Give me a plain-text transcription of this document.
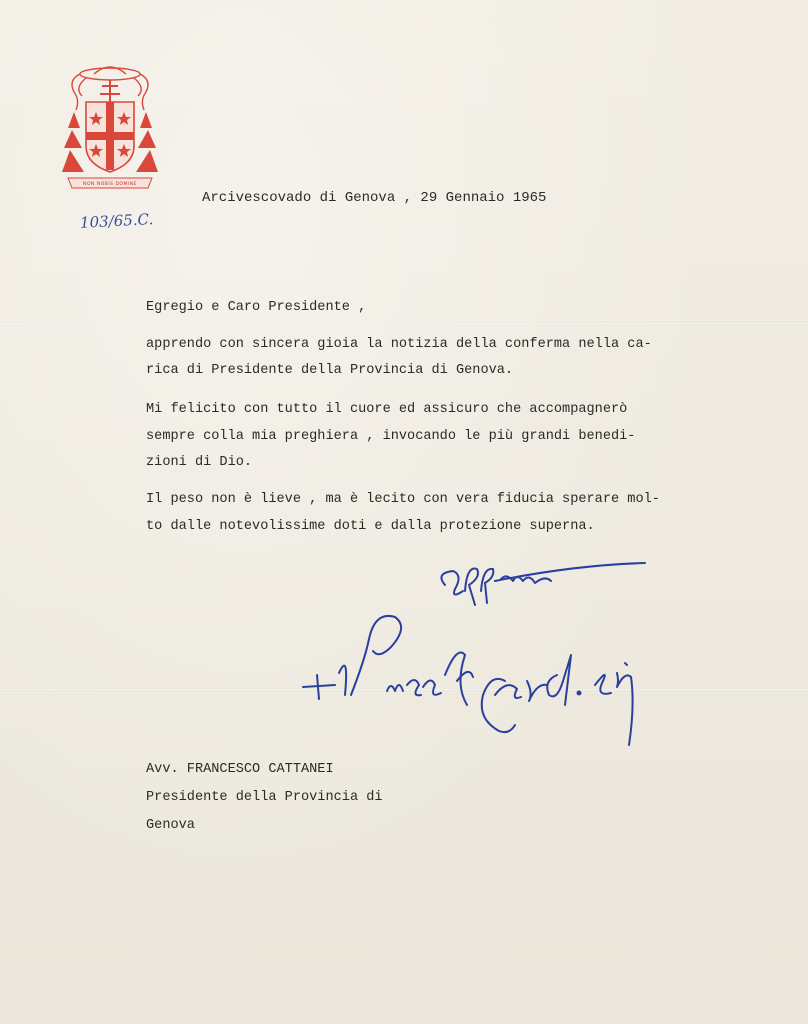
NON NOBIS DOMINE
Arcivescovado di Genova , 29 Gennaio 1965
103/65.C.
Egregio e Caro Presidente ,
apprendo con sincera gioia la notizia della conferma nella ca-
rica di Presidente della Provincia di Genova.
Mi felicito con tutto il cuore ed assicuro che accompagnerò
sempre colla mia preghiera , invocando le più grandi benedi-
zioni di Dio.
Il peso non è lieve , ma è lecito con vera fiducia sperare mol-
to dalle notevolissime doti e dalla protezione superna.
Avv. FRANCESCO CATTANEI
Presidente della Provincia di
Genova
